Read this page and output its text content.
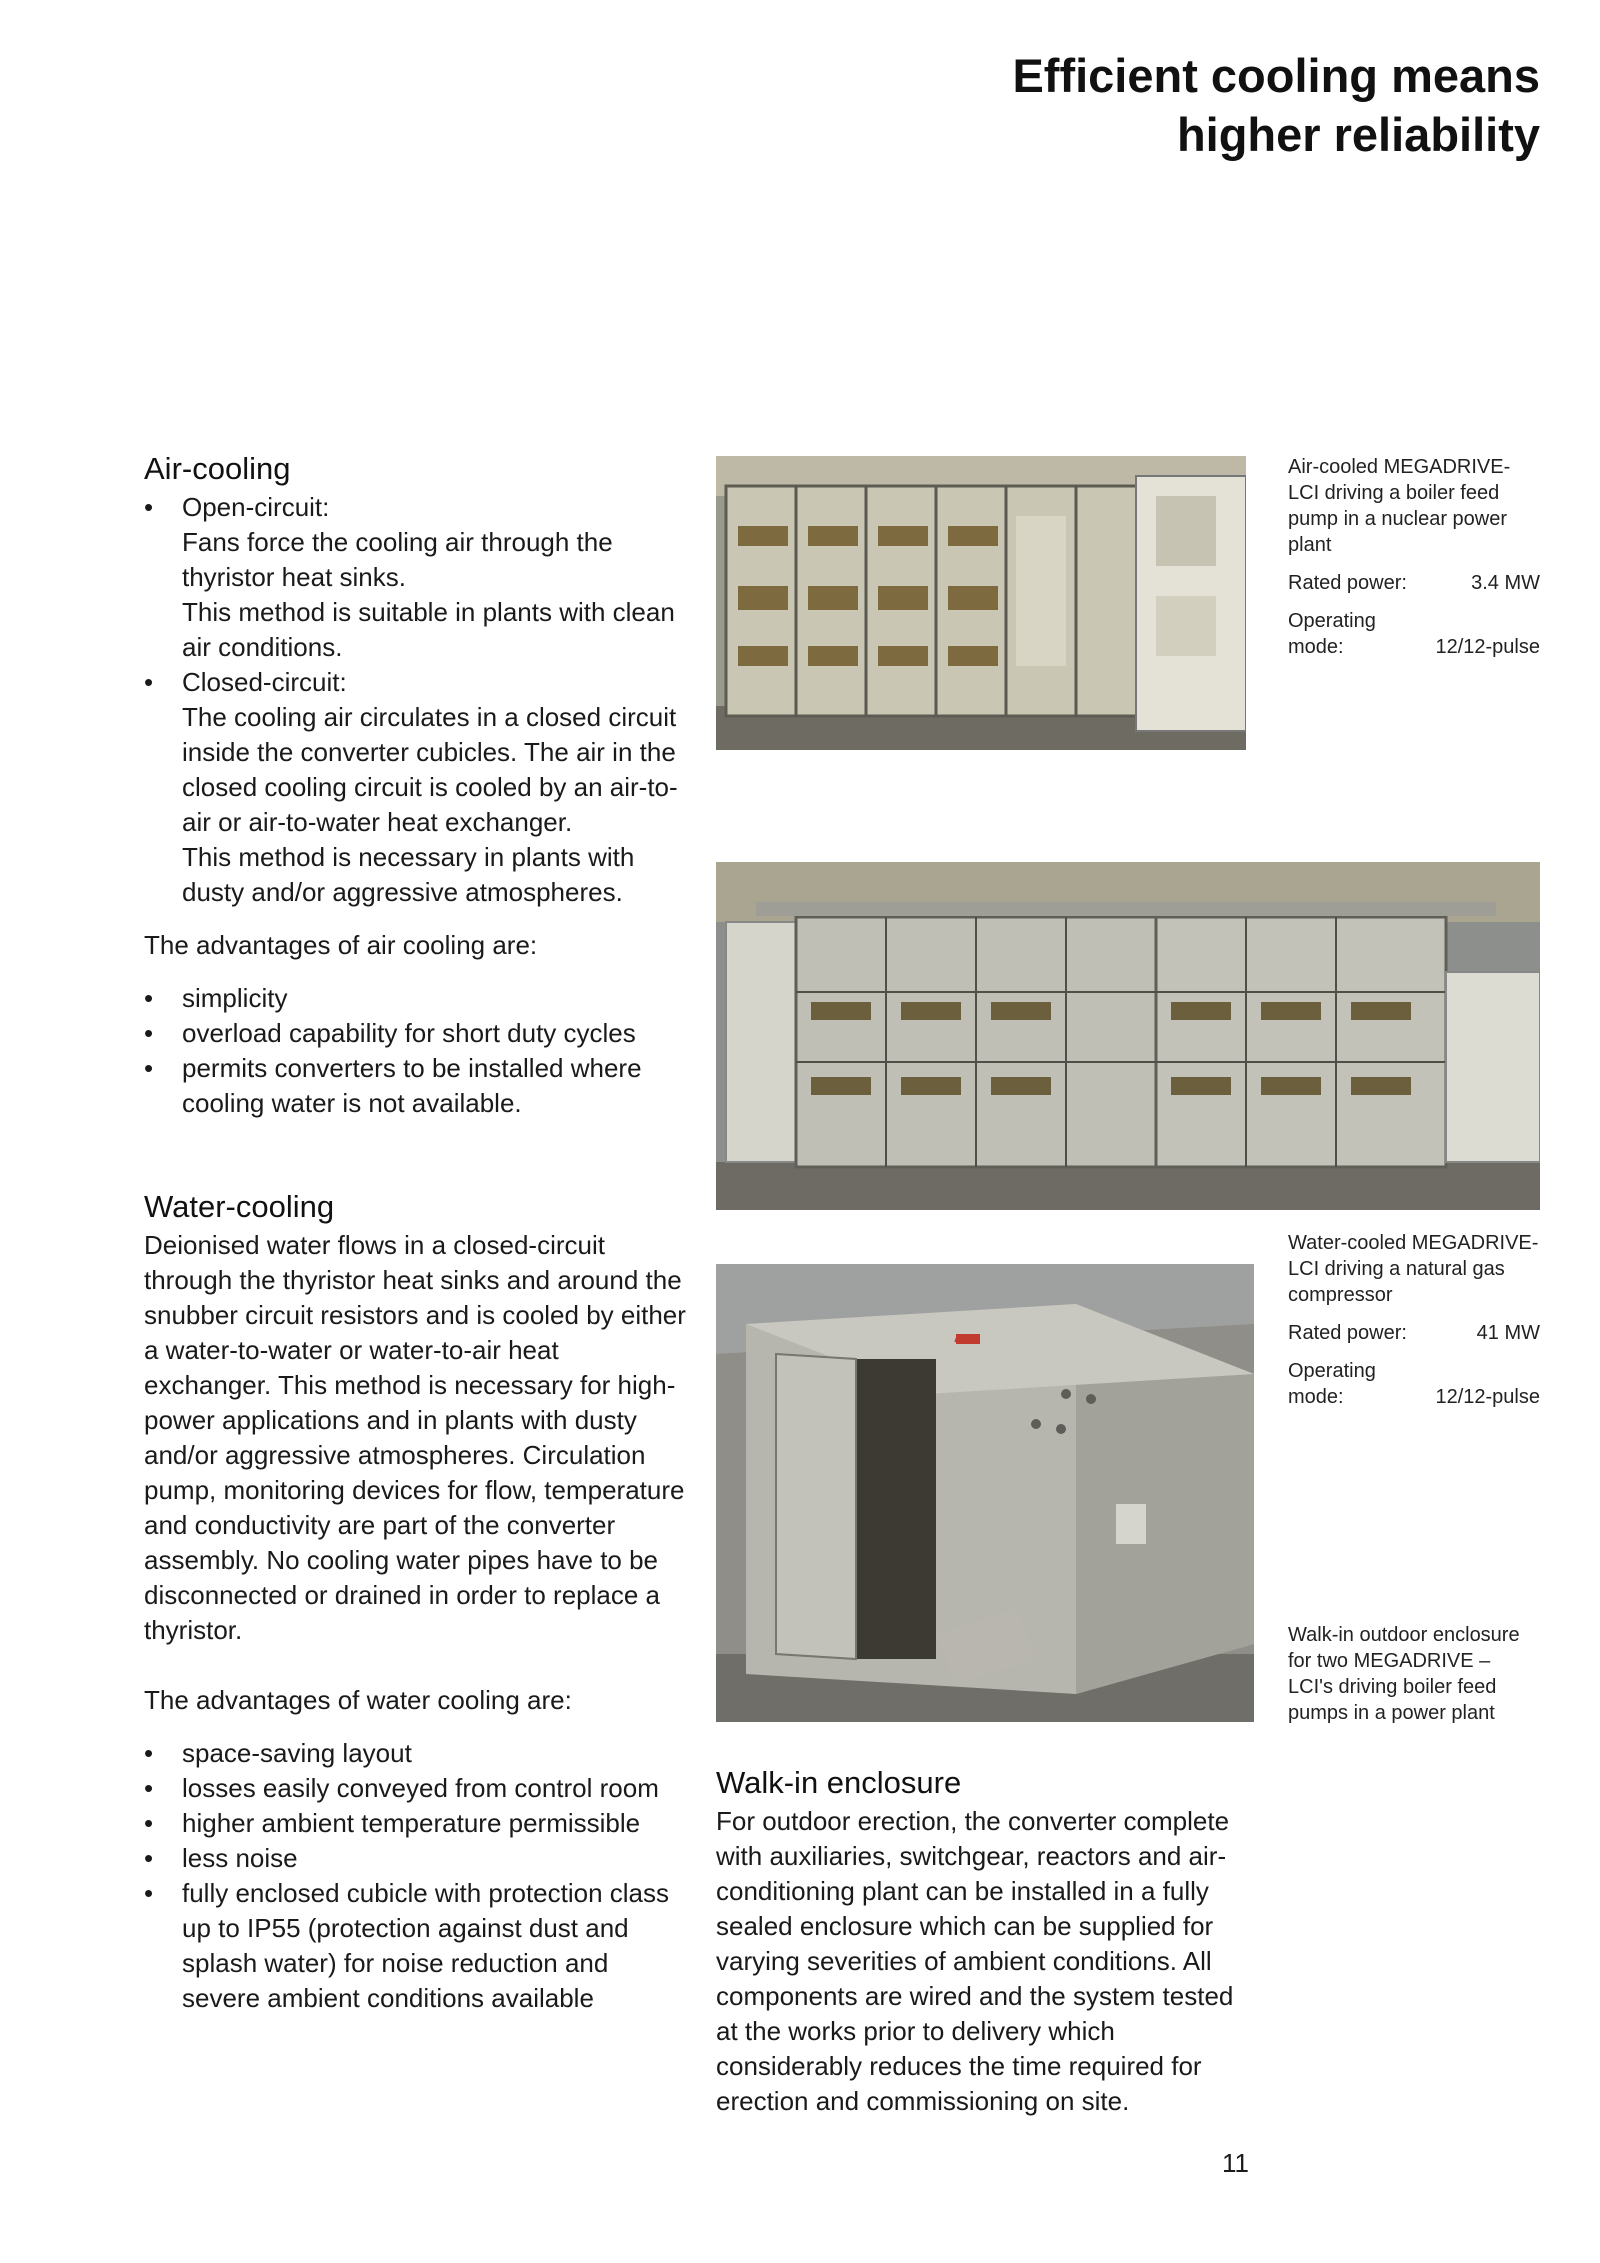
Efficient cooling means
higher reliability
Air-cooling
• Open-circuit:
Fans force the cooling air through the thyristor heat sinks.
This method is suitable in plants with clean air conditions.
• Closed-circuit:
The cooling air circulates in a closed circuit inside the converter cubicles. The air in the closed cooling circuit is cooled by an air-to-air or air-to-water heat exchanger.
This method is necessary in plants with dusty and/or aggressive atmospheres.

The advantages of air cooling are:

• simplicity
• overload capability for short duty cycles
• permits converters to be installed where cooling water is not available.
Water-cooling

Deionised water flows in a closed-circuit through the thyristor heat sinks and around the snubber circuit resistors and is cooled by either a water-to-water or water-to-air heat exchanger. This method is necessary for high-power applications and in plants with dusty and/or aggressive atmospheres. Circulation pump, monitoring devices for flow, temperature and conductivity are part of the converter assembly. No cooling water pipes have to be disconnected or drained in order to replace a thyristor.

The advantages of water cooling are:

• space-saving layout
• losses easily conveyed from control room
• higher ambient temperature permissible
• less noise
• fully enclosed cubicle with protection class up to IP55 (protection against dust and splash water) for noise reduction and severe ambient conditions available
ABB
Air-cooled MEGADRIVE-LCI driving a boiler feed pump in a nuclear power plant
Rated power:	3.4 MW
Operating
mode:	12/12-pulse
Water-cooled MEGADRIVE-LCI driving a natural gas compressor
Rated power:	41 MW
Operating
mode:	12/12-pulse
Walk-in outdoor enclosure for two MEGADRIVE – LCI's driving boiler feed pumps in a power plant
Walk-in enclosure

For outdoor erection, the converter complete with auxiliaries, switchgear, reactors and air-conditioning plant can be installed in a fully sealed enclosure which can be supplied for varying severities of ambient conditions. All components are wired and the system tested at the works prior to delivery which considerably reduces the time required for erection and commissioning on site.

11
